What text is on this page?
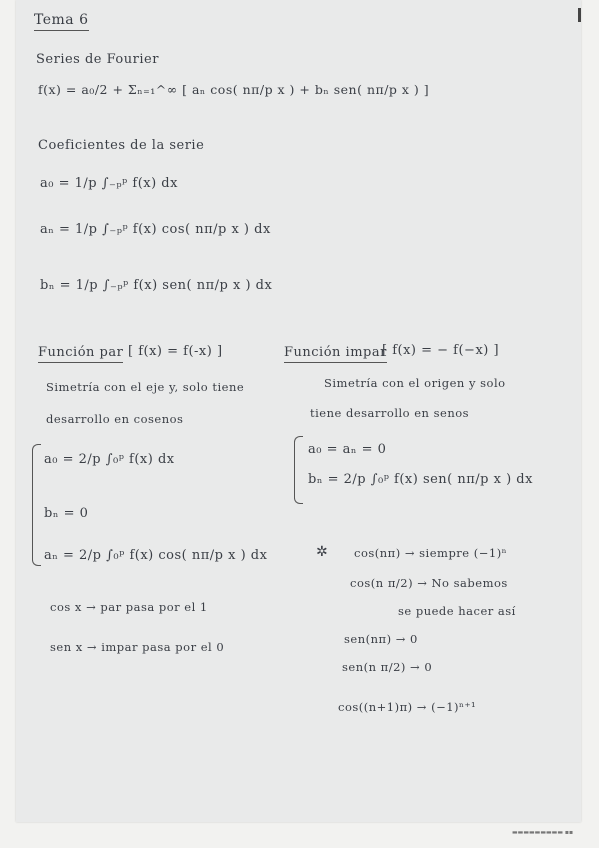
Tema 6
Series de Fourier
f(x) = a₀/2 + Σₙ₌₁^∞ [ aₙ cos( nπ/p x ) + bₙ sen( nπ/p x ) ]
Coeficientes de la serie
a₀ = 1/p ∫₋ₚᵖ f(x) dx
aₙ = 1/p ∫₋ₚᵖ f(x) cos( nπ/p x ) dx
bₙ = 1/p ∫₋ₚᵖ f(x) sen( nπ/p x ) dx
Función par [ f(x) = f(-x) ]
Simetría con el eje y, solo tiene
desarrollo en cosenos
a₀ = 2/p ∫₀ᵖ f(x) dx
bₙ = 0
aₙ = 2/p ∫₀ᵖ f(x) cos( nπ/p x ) dx
cos x → par pasa por el 1
sen x → impar pasa por el 0
Función impar
[ f(x) = − f(−x) ]
Simetría con el origen y solo
tiene desarrollo en senos
a₀ = aₙ = 0
bₙ = 2/p ∫₀ᵖ f(x) sen( nπ/p x ) dx
✲ cos(nπ) → siempre (−1)ⁿ
cos(n π/2) → No sabemos
se puede hacer así
sen(nπ) → 0
sen(n π/2) → 0
cos((n+1)π) → (−1)ⁿ⁺¹
▬▬▬▬▬▬▬▬▬ ▪▪
